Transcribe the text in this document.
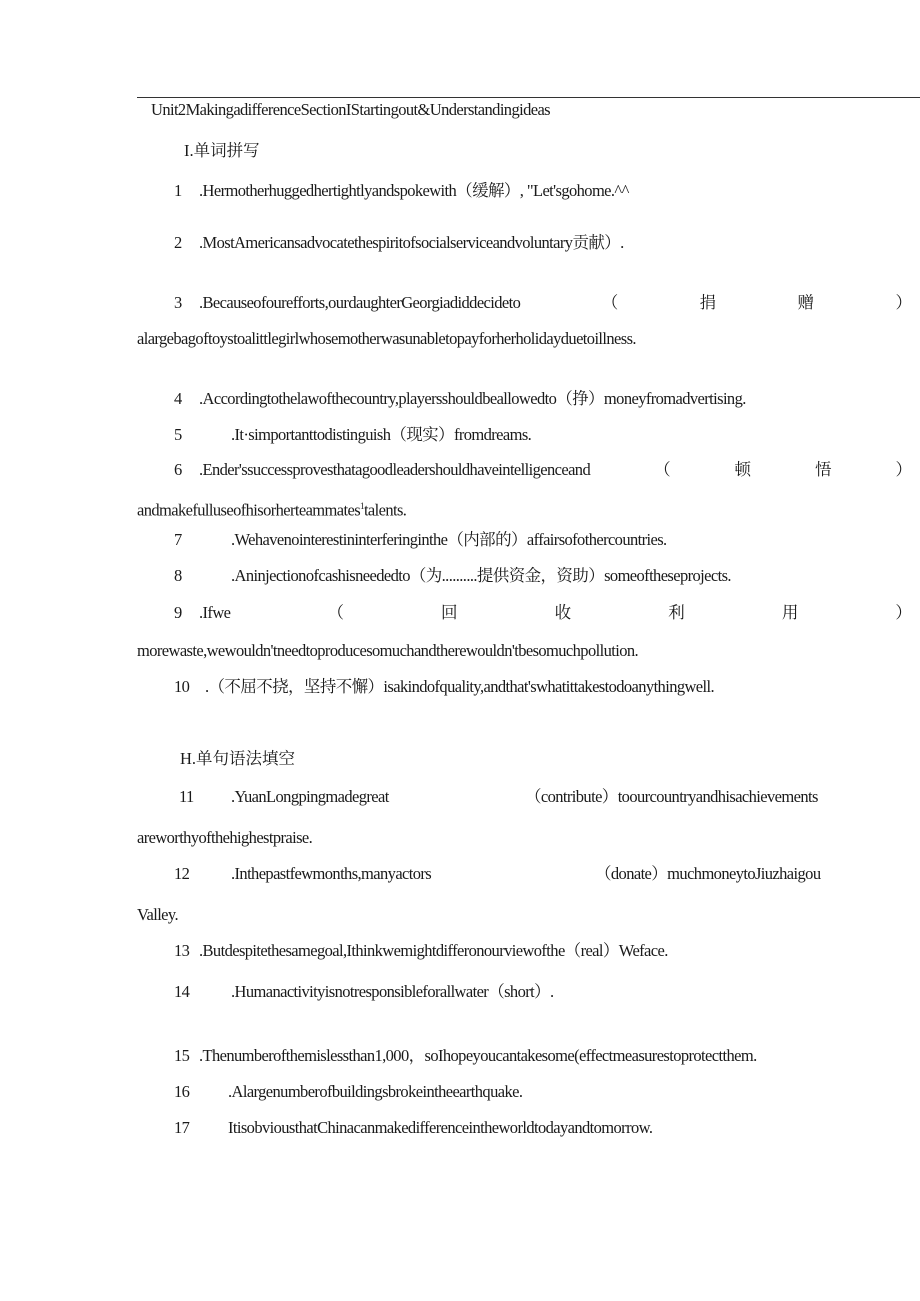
Unit2MakingadifferenceSectionIStartingout&Understandingideas
I.单词拼写
1 .Hermotherhuggedhertightlyandspokewith（缓解）, "Let'sgohome.^^
2 .MostAmericansadvocatethespiritofsocialserviceandvoluntary贡献）.
3 .Becauseofourefforts,ourdaughterGeorgiadiddecideto	（	捐	赠	）
alargebagoftoystoalittlegirlwhosemotherwasunabletopayforherholidayduetoillness.
4 .Accordingtothelawofthecountry,playersshouldbeallowedto（挣）moneyfromadvertising.
5	.It·simportanttodistinguish（现实）fromdreams.
6 .Ender'ssuccessprovesthatagoodleadershouldhaveintelligenceand	（	顿	悟	）
andmakefulluseofhisorherteammates$^1$talents.
7	.Wehavenointerestininterferinginthe（内部的）affairsofothercountries.
8	.Aninjectionofcashisneededto（为..........提供资金，资助）someoftheseprojects.
9 .Ifwe	（	回	收	利	用	）
morewaste,wewouldn'tneedtoproducesomuchandtherewouldn'tbesomuchpollution.
10 .（不屈不挠，坚持不懈）isakindofquality,andthat'swhatittakestodoanythingwell.
H.单句语法填空
11 .YuanLongpingmadegreat	（contribute）toourcountryandhisachievements
areworthyofthehighestpraise.
12	.Inthepastfewmonths,manyactors	（donate）muchmoneytoJiuzhaigou
Valley.
13 .Butdespitethesamegoal,Ithinkwemightdifferonourviewofthe（real）Weface.
14	.Humanactivityisnotresponsibleforallwater（short）.
15 .Thenumberofthemislessthan1,000，soIhopeyoucantakesome(effectmeasurestoprotectthem.
16 .Alargenumberofbuildingsbrokeintheearthquake.
17 ItisobviousthatChinacanmakedifferenceintheworldtodayandtomorrow.
